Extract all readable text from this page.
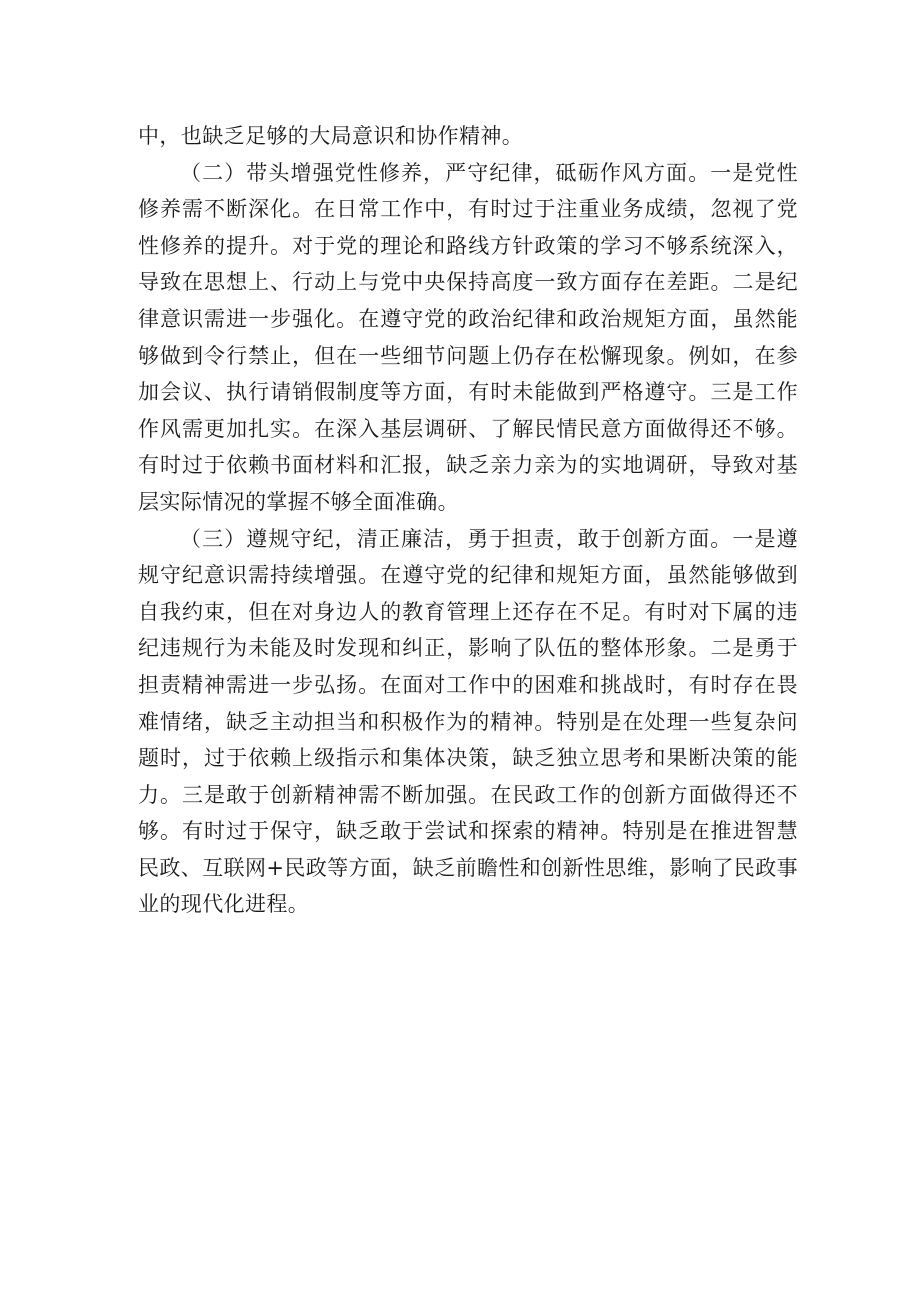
中，也缺乏足够的大局意识和协作精神。

（二）带头增强党性修养，严守纪律，砥砺作风方面。一是党性修养需不断深化。在日常工作中，有时过于注重业务成绩，忽视了党性修养的提升。对于党的理论和路线方针政策的学习不够系统深入，导致在思想上、行动上与党中央保持高度一致方面存在差距。二是纪律意识需进一步强化。在遵守党的政治纪律和政治规矩方面，虽然能够做到令行禁止，但在一些细节问题上仍存在松懈现象。例如，在参加会议、执行请销假制度等方面，有时未能做到严格遵守。三是工作作风需更加扎实。在深入基层调研、了解民情民意方面做得还不够。有时过于依赖书面材料和汇报，缺乏亲力亲为的实地调研，导致对基层实际情况的掌握不够全面准确。

（三）遵规守纪，清正廉洁，勇于担责，敢于创新方面。一是遵规守纪意识需持续增强。在遵守党的纪律和规矩方面，虽然能够做到自我约束，但在对身边人的教育管理上还存在不足。有时对下属的违纪违规行为未能及时发现和纠正，影响了队伍的整体形象。二是勇于担责精神需进一步弘扬。在面对工作中的困难和挑战时，有时存在畏难情绪，缺乏主动担当和积极作为的精神。特别是在处理一些复杂问题时，过于依赖上级指示和集体决策，缺乏独立思考和果断决策的能力。三是敢于创新精神需不断加强。在民政工作的创新方面做得还不够。有时过于保守，缺乏敢于尝试和探索的精神。特别是在推进智慧民政、互联网+民政等方面，缺乏前瞻性和创新性思维，影响了民政事业的现代化进程。
